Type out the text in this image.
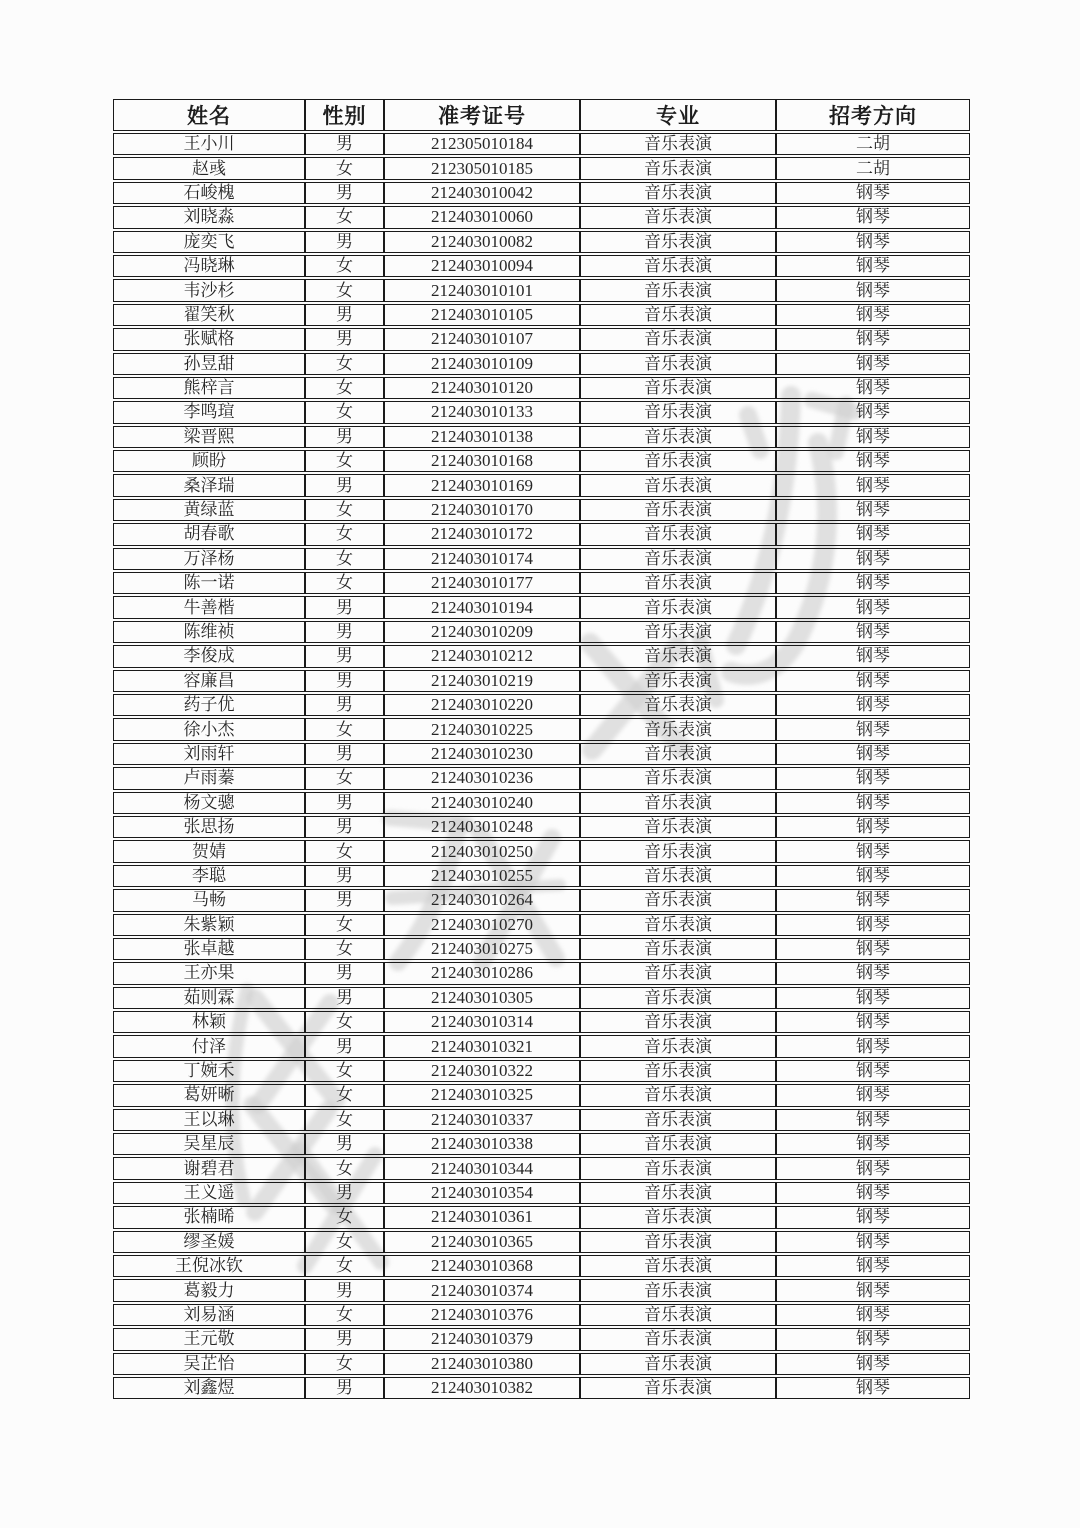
姓名	性别	准考证号	专业	招考方向
王小川	男	212305010184	音乐表演	二胡
赵彧	女	212305010185	音乐表演	二胡
石峻槐	男	212403010042	音乐表演	钢琴
刘晓淼	女	212403010060	音乐表演	钢琴
庞奕飞	男	212403010082	音乐表演	钢琴
冯晓琳	女	212403010094	音乐表演	钢琴
韦沙杉	女	212403010101	音乐表演	钢琴
翟笑秋	男	212403010105	音乐表演	钢琴
张赋格	男	212403010107	音乐表演	钢琴
孙昱甜	女	212403010109	音乐表演	钢琴
熊梓言	女	212403010120	音乐表演	钢琴
李鸣瑄	女	212403010133	音乐表演	钢琴
梁晋熙	男	212403010138	音乐表演	钢琴
顾盼	女	212403010168	音乐表演	钢琴
桑泽瑞	男	212403010169	音乐表演	钢琴
黄绿蓝	女	212403010170	音乐表演	钢琴
胡春歌	女	212403010172	音乐表演	钢琴
万泽杨	女	212403010174	音乐表演	钢琴
陈一诺	女	212403010177	音乐表演	钢琴
牛善楷	男	212403010194	音乐表演	钢琴
陈维祯	男	212403010209	音乐表演	钢琴
李俊成	男	212403010212	音乐表演	钢琴
容廉昌	男	212403010219	音乐表演	钢琴
药子优	男	212403010220	音乐表演	钢琴
徐小杰	女	212403010225	音乐表演	钢琴
刘雨轩	男	212403010230	音乐表演	钢琴
卢雨蓁	女	212403010236	音乐表演	钢琴
杨文骢	男	212403010240	音乐表演	钢琴
张思扬	男	212403010248	音乐表演	钢琴
贺婧	女	212403010250	音乐表演	钢琴
李聪	男	212403010255	音乐表演	钢琴
马畅	男	212403010264	音乐表演	钢琴
朱紫颖	女	212403010270	音乐表演	钢琴
张卓越	女	212403010275	音乐表演	钢琴
王亦果	男	212403010286	音乐表演	钢琴
茹则霖	男	212403010305	音乐表演	钢琴
林颖	女	212403010314	音乐表演	钢琴
付泽	男	212403010321	音乐表演	钢琴
丁婉禾	女	212403010322	音乐表演	钢琴
葛妍晰	女	212403010325	音乐表演	钢琴
王以琳	女	212403010337	音乐表演	钢琴
吴星辰	男	212403010338	音乐表演	钢琴
谢碧君	女	212403010344	音乐表演	钢琴
王义遥	男	212403010354	音乐表演	钢琴
张楠晞	女	212403010361	音乐表演	钢琴
缪圣媛	女	212403010365	音乐表演	钢琴
王倪冰钦	女	212403010368	音乐表演	钢琴
葛毅力	男	212403010374	音乐表演	钢琴
刘易涵	女	212403010376	音乐表演	钢琴
王元敬	男	212403010379	音乐表演	钢琴
吴芷怡	女	212403010380	音乐表演	钢琴
刘鑫煜	男	212403010382	音乐表演	钢琴
